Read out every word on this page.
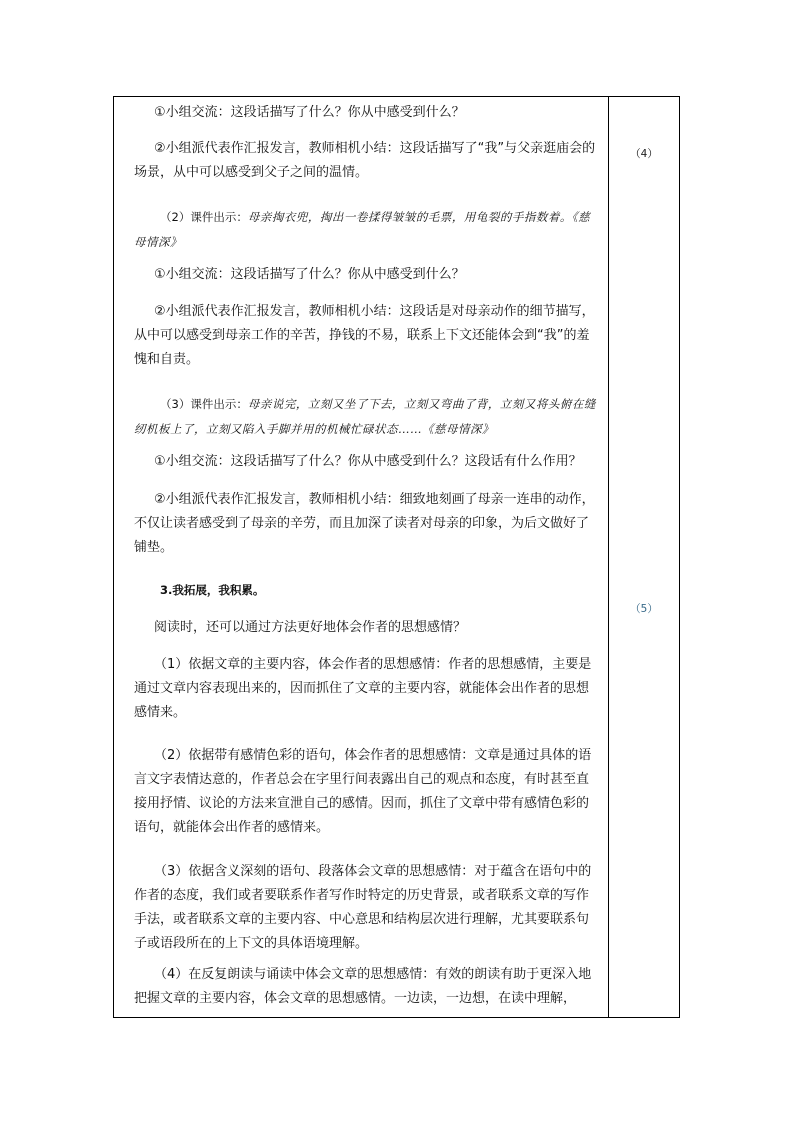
①小组交流：这段话描写了什么？你从中感受到什么？

②小组派代表作汇报发言，教师相机小结：这段话描写了“我”与父亲逛庙会的场景，从中可以感受到父子之间的温情。

（2）课件出示：母亲掏衣兜，掏出一卷揉得皱皱的毛票，用龟裂的手指数着。《慈母情深》

①小组交流：这段话描写了什么？你从中感受到什么？

②小组派代表作汇报发言，教师相机小结：这段话是对母亲动作的细节描写，从中可以感受到母亲工作的辛苦，挣钱的不易，联系上下文还能体会到“我”的羞愧和自责。

（3）课件出示：母亲说完，立刻又坐了下去，立刻又弯曲了背，立刻又将头俯在缝纫机板上了，立刻又陷入手脚并用的机械忙碌状态……《慈母情深》

①小组交流：这段话描写了什么？你从中感受到什么？这段话有什么作用？

②小组派代表作汇报发言，教师相机小结：细致地刻画了母亲一连串的动作，不仅让读者感受到了母亲的辛劳，而且加深了读者对母亲的印象，为后文做好了铺垫。

3.我拓展，我积累。

阅读时，还可以通过方法更好地体会作者的思想感情？

（1）依据文章的主要内容，体会作者的思想感情：作者的思想感情，主要是通过文章内容表现出来的，因而抓住了文章的主要内容，就能体会出作者的思想感情来。

（2）依据带有感情色彩的语句，体会作者的思想感情：文章是通过具体的语言文字表情达意的，作者总会在字里行间表露出自己的观点和态度，有时甚至直接用抒情、议论的方法来宣泄自己的感情。因而，抓住了文章中带有感情色彩的语句，就能体会出作者的感情来。

（3）依据含义深刻的语句、段落体会文章的思想感情：对于蕴含在语句中的作者的态度，我们或者要联系作者写作时特定的历史背景，或者联系文章的写作手法，或者联系文章的主要内容、中心意思和结构层次进行理解，尤其要联系句子或语段所在的上下文的具体语境理解。

（4）在反复朗读与诵读中体会文章的思想感情：有效的朗读有助于更深入地把握文章的主要内容，体会文章的思想感情。一边读，一边想，在读中理解，

（4）
（5）
